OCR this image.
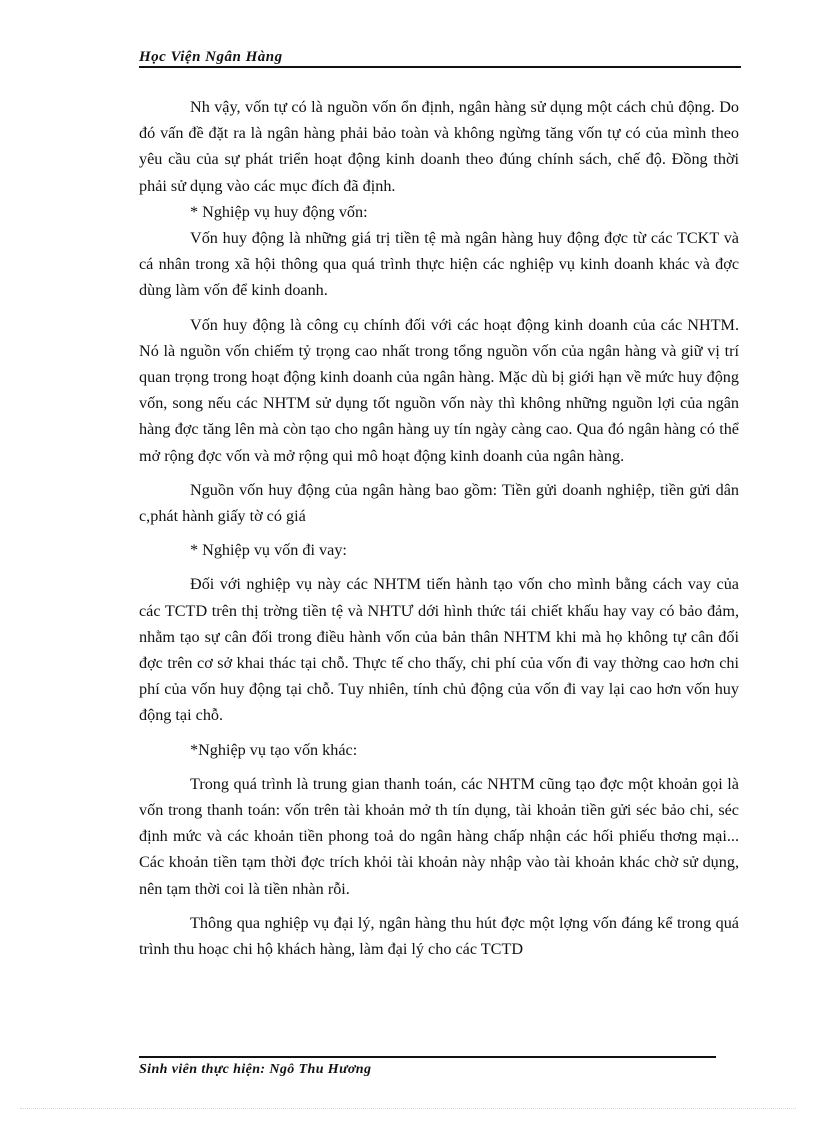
Học Viện Ngân Hàng

Nh vậy, vốn tự có là nguồn vốn ổn định, ngân hàng sử dụng một cách chủ động. Do đó vấn đề đặt ra là ngân hàng phải bảo toàn và không ngừng tăng vốn tự có của mình theo yêu cầu của sự phát triển hoạt động kinh doanh theo đúng chính sách, chế độ. Đồng thời phải sử dụng vào các mục đích đã định.

* Nghiệp vụ huy động vốn:

Vốn huy động là những giá trị tiền tệ mà ngân hàng huy động đợc từ các TCKT và cá nhân trong xã hội thông qua quá trình thực hiện các nghiệp vụ kinh doanh khác và đợc dùng làm vốn để kinh doanh.

Vốn huy động là công cụ chính đối với các hoạt động kinh doanh của các NHTM. Nó là nguồn vốn chiếm tỷ trọng cao nhất trong tổng nguồn vốn của ngân hàng và giữ vị trí quan trọng trong hoạt động kinh doanh của ngân hàng. Mặc dù bị giới hạn về mức huy động vốn, song nếu các NHTM sử dụng tốt nguồn vốn này thì không những nguồn lợi của ngân hàng đợc tăng lên mà còn tạo cho ngân hàng uy tín ngày càng cao. Qua đó ngân hàng có thể mở rộng đợc vốn và mở rộng qui mô hoạt động kinh doanh của ngân hàng.

Nguồn vốn huy động của ngân hàng bao gồm: Tiền gửi doanh nghiệp, tiền gửi dân c,phát hành giấy tờ có giá

* Nghiệp vụ vốn đi vay:

Đối với nghiệp vụ này các NHTM tiến hành tạo vốn cho mình bằng cách vay của các TCTD trên thị trờng tiền tệ và NHTƯ dới hình thức tái chiết khấu hay vay có bảo đảm, nhằm tạo sự cân đối trong điều hành vốn của bản thân NHTM khi mà họ không tự cân đối đợc trên cơ sở khai thác tại chỗ. Thực tế cho thấy, chi phí của vốn đi vay thờng cao hơn chi phí của vốn huy động tại chỗ. Tuy nhiên, tính chủ động của vốn đi vay lại cao hơn vốn huy động tại chỗ.

*Nghiệp vụ tạo vốn khác:

Trong quá trình là trung gian thanh toán, các NHTM cũng tạo đợc một khoản gọi là vốn trong thanh toán: vốn trên tài khoản mở th tín dụng, tài khoản tiền gửi séc bảo chi, séc định mức và các khoản tiền phong toả do ngân hàng chấp nhận các hối phiếu thơng mại... Các khoản tiền tạm thời đợc trích khỏi tài khoản này nhập vào tài khoản khác chờ sử dụng, nên tạm thời coi là tiền nhàn rỗi.

Thông qua nghiệp vụ đại lý, ngân hàng thu hút đợc một lợng vốn đáng kể trong quá trình thu hoạc chi hộ khách hàng, làm đại lý cho các TCTD

Sinh viên thực hiện: Ngô Thu Hương
